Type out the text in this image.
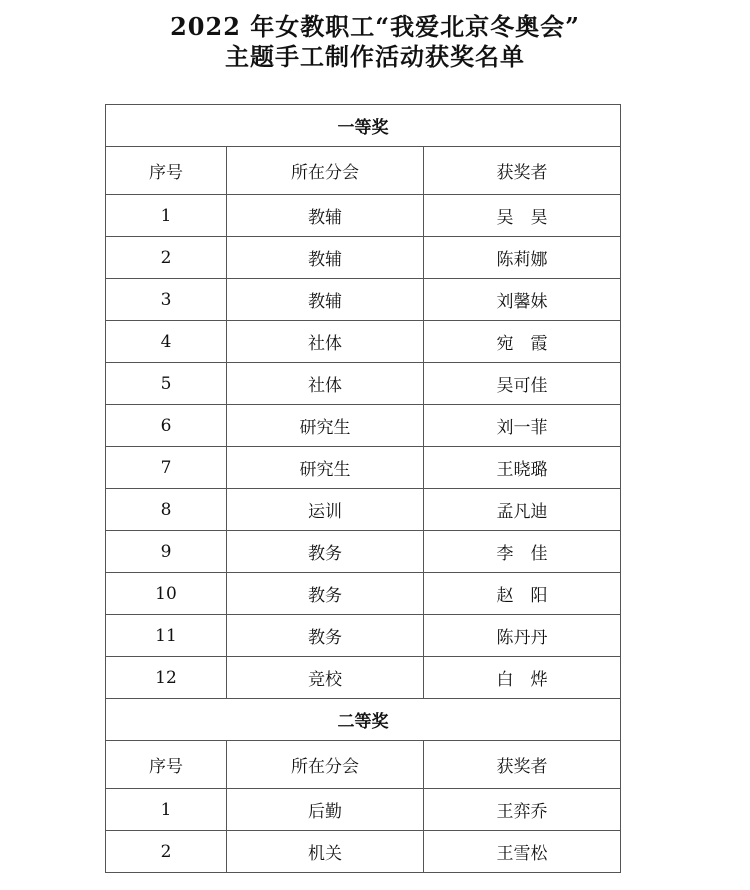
2022 年女教职工“我爱北京冬奥会”
主题手工制作活动获奖名单
一等奖		
序号	所在分会	获奖者
1	教辅	吴　昊
2	教辅	陈莉娜
3	教辅	刘馨妹
4	社体	宛　霞
5	社体	吴可佳
6	研究生	刘一菲
7	研究生	王晓璐
8	运训	孟凡迪
9	教务	李　佳
10	教务	赵　阳
11	教务	陈丹丹
12	竞校	白　烨
二等奖		
序号	所在分会	获奖者
1	后勤	王弈乔
2	机关	王雪松
